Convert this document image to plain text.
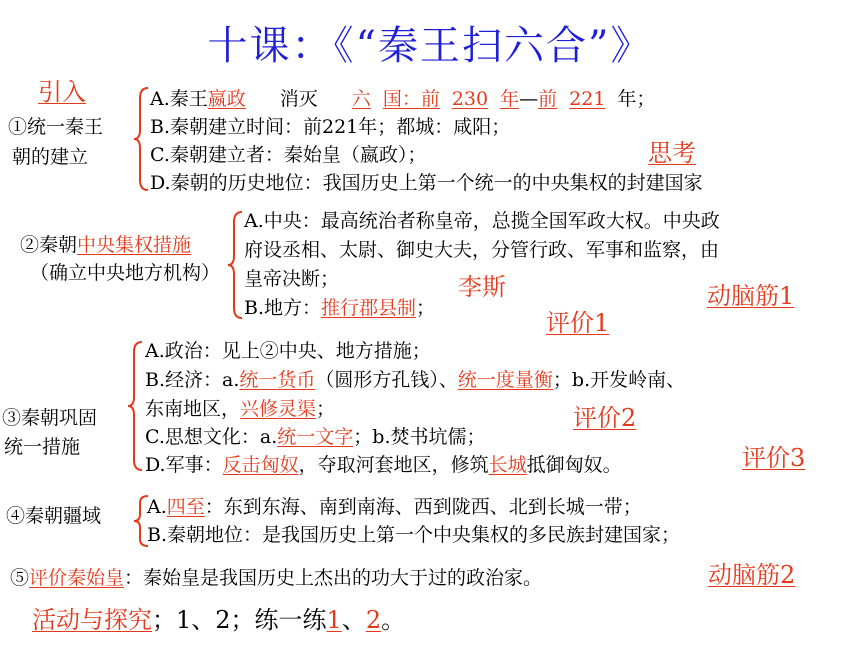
十课：《“秦王扫六合”》
引入
思考
李斯	动脑筋1
评价1
评价2
评价3
动脑筋2
①统一秦王
朝的建立
A.秦王嬴政 消灭 六 国：前 230 年—前 221 年；
B.秦朝建立时间：前221年；都城：咸阳；
C.秦朝建立者：秦始皇（嬴政）；
D.秦朝的历史地位：我国历史上第一个统一的中央集权的封建国家
②秦朝中央集权措施
（确立中央地方机构）
A.中央：最高统治者称皇帝，总揽全国军政大权。中央政
府设丞相、太尉、御史大夫，分管行政、军事和监察，由
皇帝决断；
B.地方：推行郡县制；
③秦朝巩固
统一措施
A.政治：见上②中央、地方措施；
B.经济：a.统一货币（圆形方孔钱）、统一度量衡；b.开发岭南、
东南地区，兴修灵渠；
C.思想文化：a.统一文字；b.焚书坑儒；
D.军事：反击匈奴，夺取河套地区，修筑长城抵御匈奴。
④秦朝疆域 A.四至：东到东海、南到南海、西到陇西、北到长城一带；
B.秦朝地位：是我国历史上第一个中央集权的多民族封建国家；
⑤评价秦始皇：秦始皇是我国历史上杰出的功大于过的政治家。
活动与探究；1、2；练一练1、2。
